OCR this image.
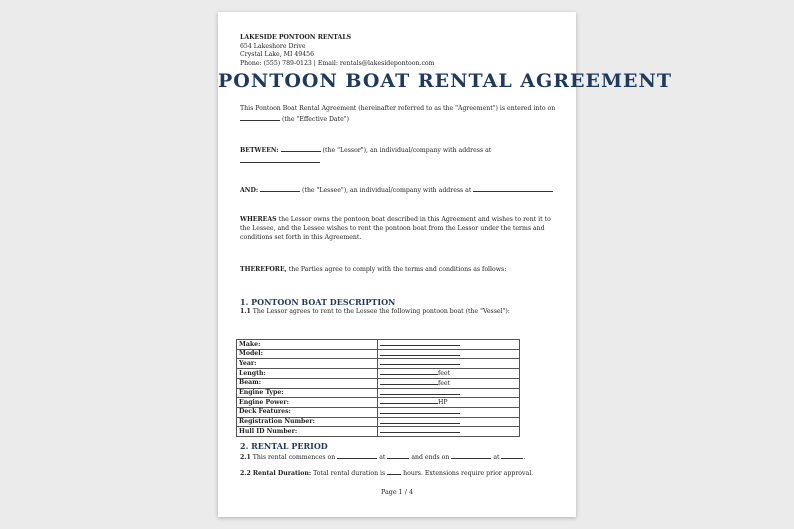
LAKESIDE PONTOON RENTALS
654 Lakeshore Drive
Crystal Lake, MI 49456
Phone: (555) 789-0123 | Email: rentals@lakesidepontoon.com
PONTOON BOAT RENTAL AGREEMENT
This Pontoon Boat Rental Agreement (hereinafter referred to as the "Agreement") is entered into on
(the "Effective Date")
BETWEEN:	(the "Lessor"), an individual/company with address at

AND:	(the "Lessee"), an individual/company with address at
WHEREAS the Lessor owns the pontoon boat described in this Agreement and wishes to rent it to the Lessee, and the Lessee wishes to rent the pontoon boat from the Lessor under the terms and conditions set forth in this Agreement.
THEREFORE, the Parties agree to comply with the terms and conditions as follows:
1. PONTOON BOAT DESCRIPTION
1.1 The Lessor agrees to rent to the Lessee the following pontoon boat (the "Vessel"):
Make:	
Model:	
Year:	
Length:	feet
Beam:	feet
Engine Type:	
Engine Power:	HP
Deck Features:	
Registration Number:	
Hull ID Number:	
2. RENTAL PERIOD
2.1 This rental commences on	at	and ends on	at	.
2.2 Rental Duration: Total rental duration is	hours. Extensions require prior approval.
Page 1 / 4
